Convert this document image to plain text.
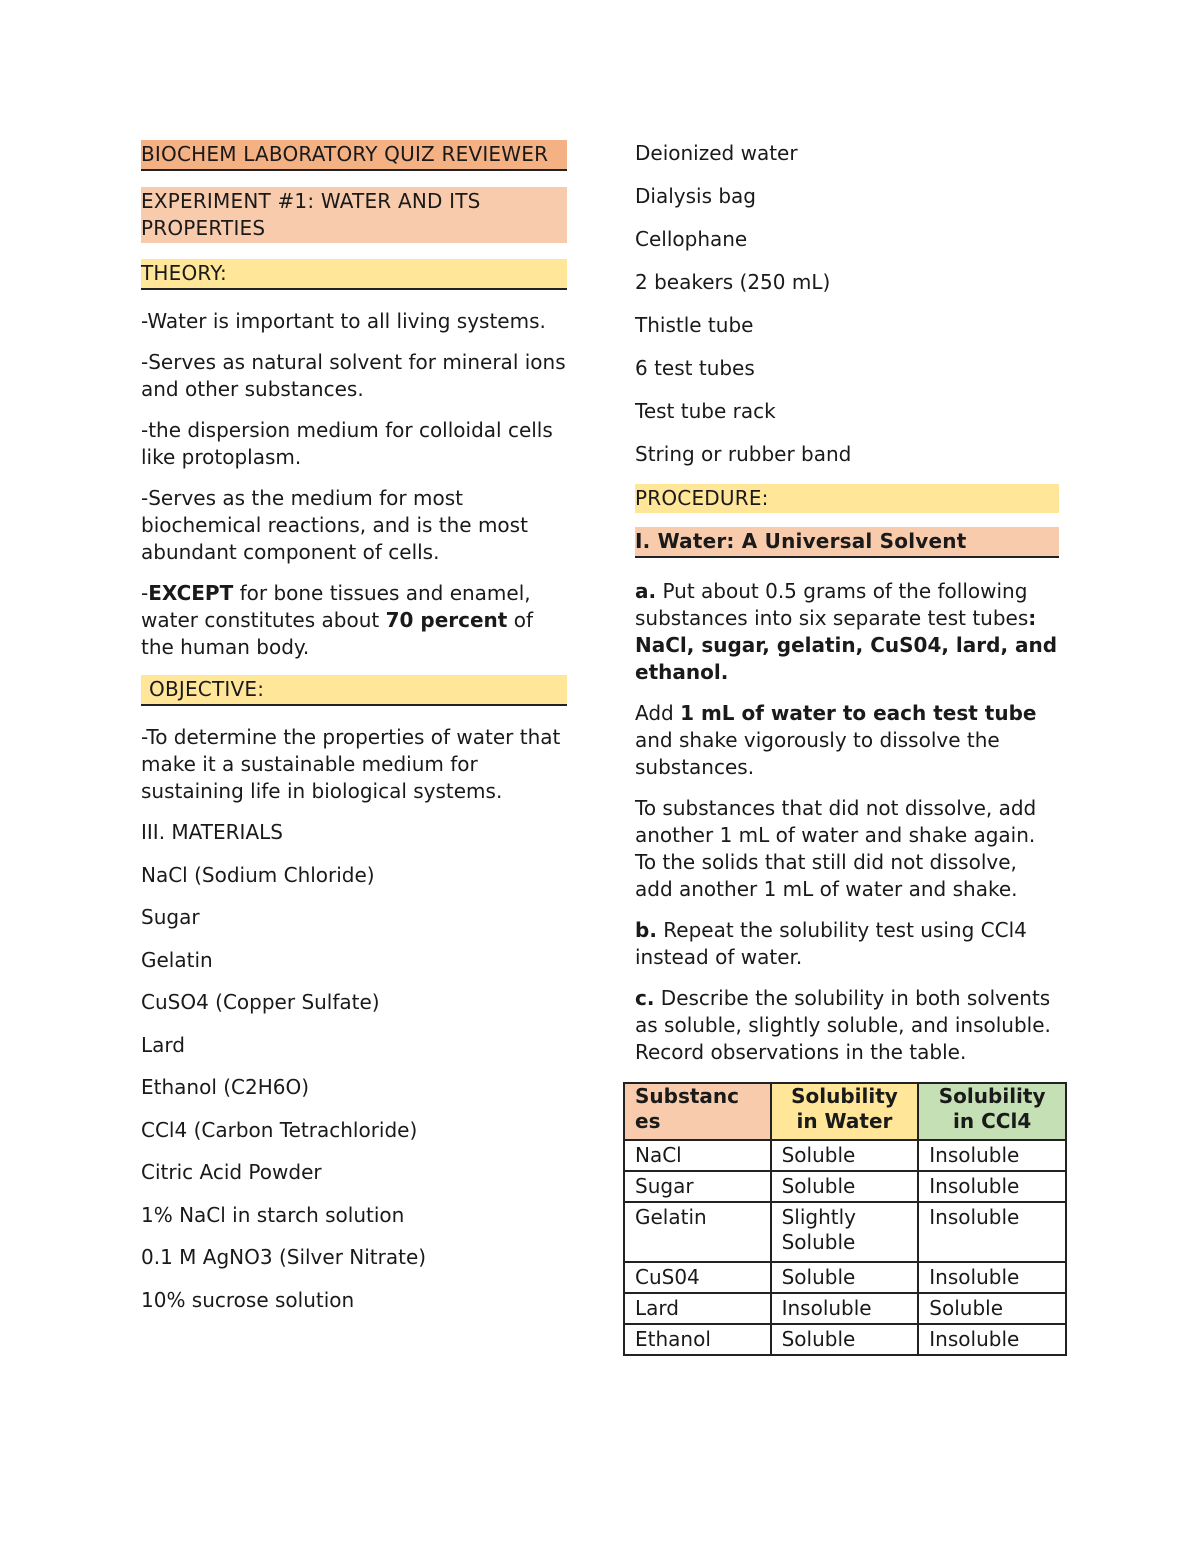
BIOCHEM LABORATORY QUIZ REVIEWER
EXPERIMENT #1: WATER AND ITS PROPERTIES
THEORY:

-Water is important to all living systems.

-Serves as natural solvent for mineral ions and other substances.

-the dispersion medium for colloidal cells like protoplasm.

-Serves as the medium for most biochemical reactions, and is the most abundant component of cells.

-EXCEPT for bone tissues and enamel, water constitutes about 70 percent of the human body.

OBJECTIVE:

-To determine the properties of water that make it a sustainable medium for sustaining life in biological systems.

III. MATERIALS

NaCl (Sodium Chloride)

Sugar

Gelatin

CuSO4 (Copper Sulfate)

Lard

Ethanol (C2H6O)

CCl4 (Carbon Tetrachloride)

Citric Acid Powder

1% NaCl in starch solution

0.1 M AgNO3 (Silver Nitrate)

10% sucrose solution

Deionized water

Dialysis bag

Cellophane

2 beakers (250 mL)

Thistle tube

6 test tubes

Test tube rack

String or rubber band

PROCEDURE:
I. Water: A Universal Solvent

a. Put about 0.5 grams of the following substances into six separate test tubes: NaCl, sugar, gelatin, CuS04, lard, and ethanol.

Add 1 mL of water to each test tube and shake vigorously to dissolve the substances.

To substances that did not dissolve, add another 1 mL of water and shake again. To the solids that still did not dissolve, add another 1 mL of water and shake.

b. Repeat the solubility test using CCl4 instead of water.

c. Describe the solubility in both solvents as soluble, slightly soluble, and insoluble. Record observations in the table.

Substanc es	Solubility in Water	Solubility in CCl4
NaCl	Soluble	Insoluble
Sugar	Soluble	Insoluble
Gelatin	Slightly Soluble	Insoluble
CuS04	Soluble	Insoluble
Lard	Insoluble	Soluble
Ethanol	Soluble	Insoluble
